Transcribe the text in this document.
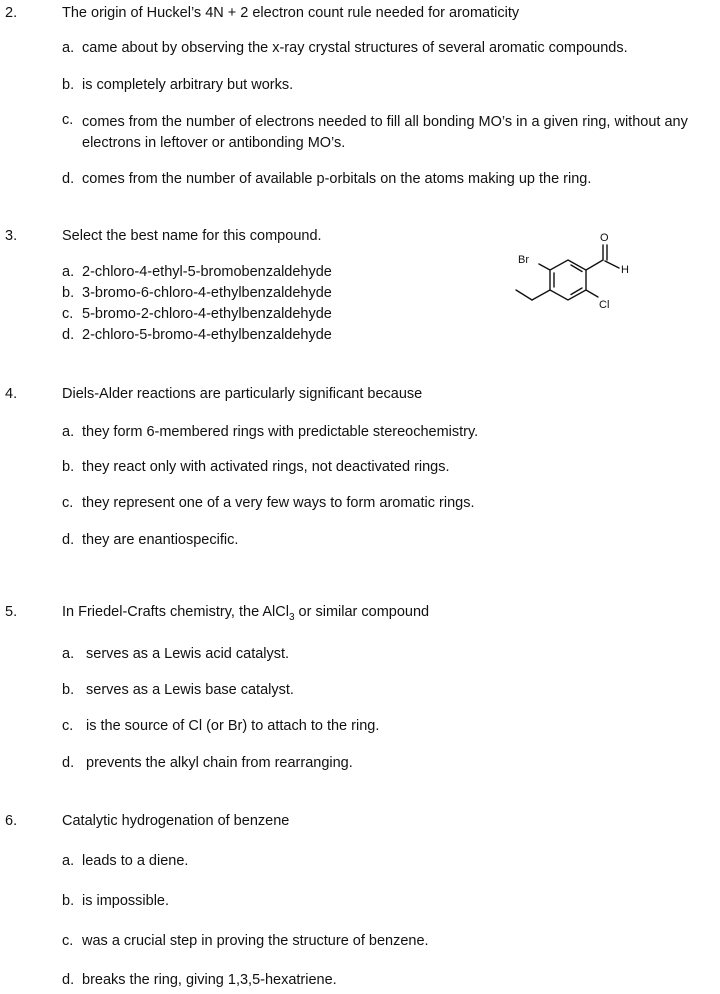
2.	The origin of Huckel’s 4N + 2 electron count rule needed for aromaticity
a. came about by observing the x-ray crystal structures of several aromatic compounds.
b. is completely arbitrary but works.
c. comes from the number of electrons needed to fill all bonding MO’s in a given ring, without any electrons in leftover or antibonding MO’s.
d. comes from the number of available p-orbitals on the atoms making up the ring.
3.	Select the best name for this compound.
a. 2-chloro-4-ethyl-5-bromobenzaldehyde
b. 3-bromo-6-chloro-4-ethylbenzaldehyde
c. 5-bromo-2-chloro-4-ethylbenzaldehyde
d. 2-chloro-5-bromo-4-ethylbenzaldehyde
Br
O
H
Cl
4.	Diels-Alder reactions are particularly significant because
a. they form 6-membered rings with predictable stereochemistry.
b. they react only with activated rings, not deactivated rings.
c. they represent one of a very few ways to form aromatic rings.
d. they are enantiospecific.
5.	In Friedel-Crafts chemistry, the AlCl$_3$ or similar compound
a. serves as a Lewis acid catalyst.
b. serves as a Lewis base catalyst.
c. is the source of Cl (or Br) to attach to the ring.
d. prevents the alkyl chain from rearranging.
6.	Catalytic hydrogenation of benzene
a. leads to a diene.
b. is impossible.
c. was a crucial step in proving the structure of benzene.
d. breaks the ring, giving 1,3,5-hexatriene.
